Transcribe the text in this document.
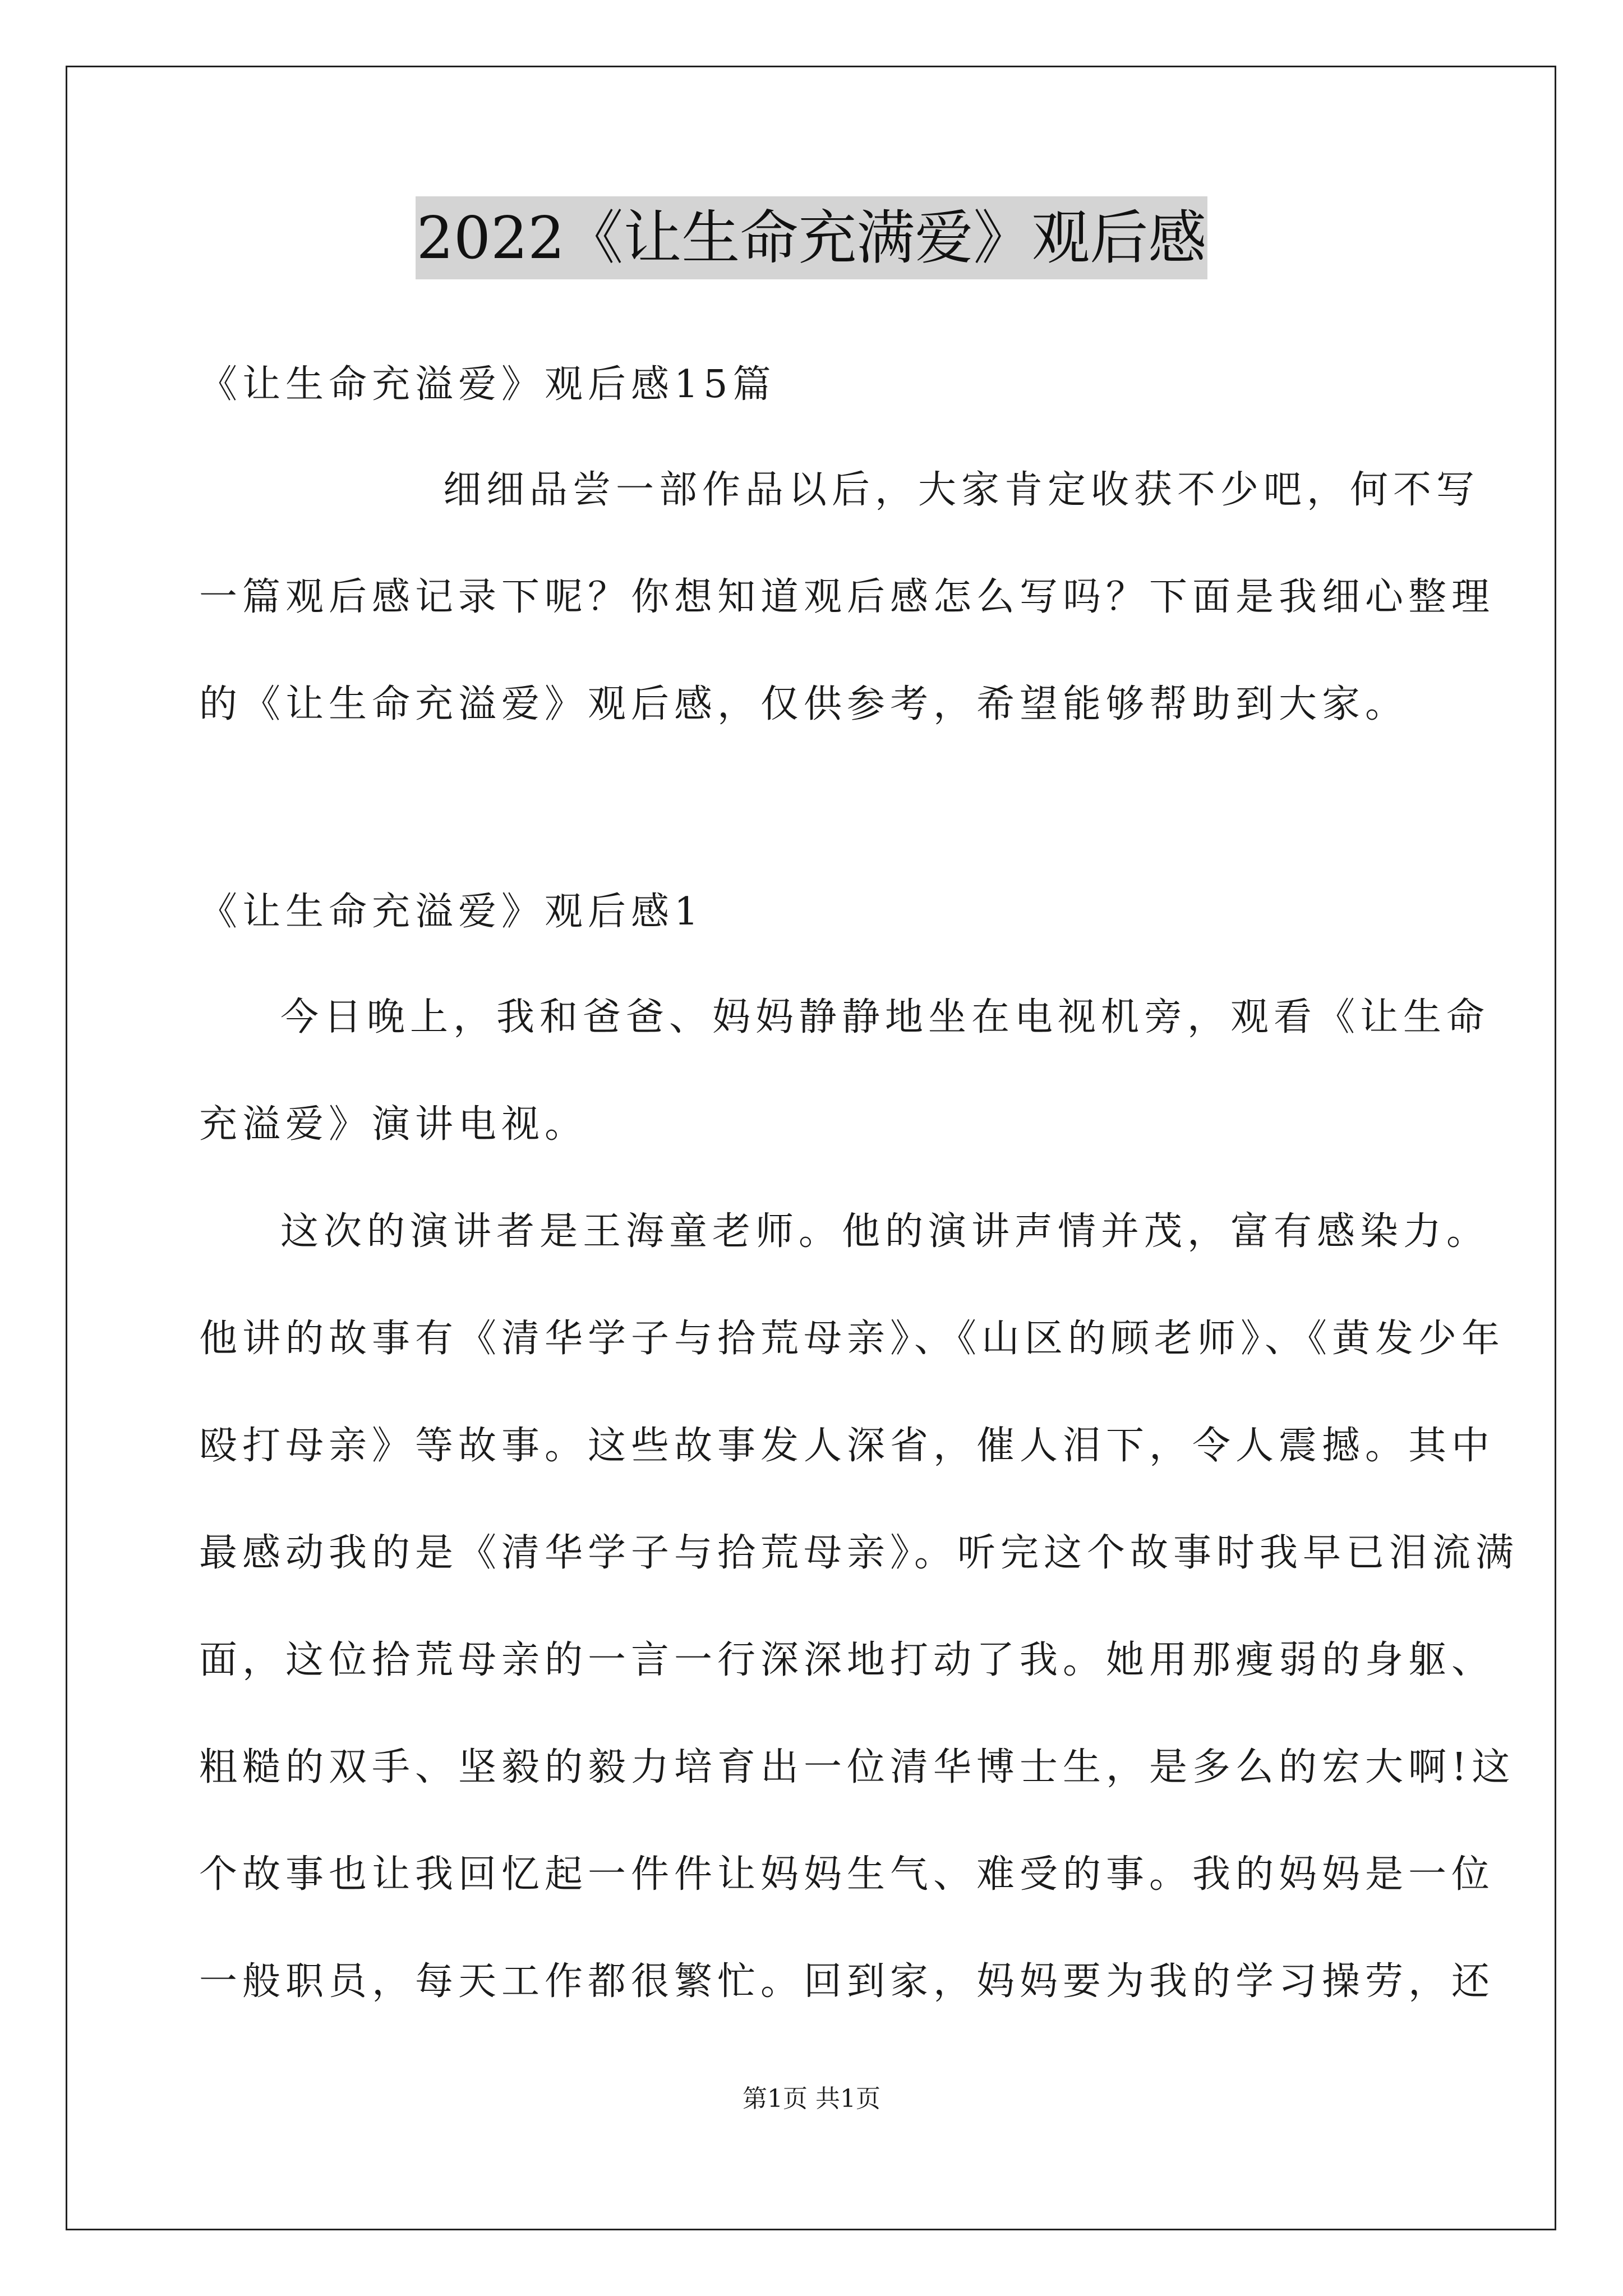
2022《让生命充满爱》观后感
《让生命充溢爱》观后感15篇
细细品尝一部作品以后，大家肯定收获不少吧，何不写
一篇观后感记录下呢？你想知道观后感怎么写吗？下面是我细心整理
的《让生命充溢爱》观后感，仅供参考，希望能够帮助到大家。
《让生命充溢爱》观后感1
今日晚上，我和爸爸、妈妈静静地坐在电视机旁，观看《让生命
充溢爱》演讲电视。
这次的演讲者是王海童老师。他的演讲声情并茂，富有感染力。
他讲的故事有《清华学子与拾荒母亲》、《山区的顾老师》、《黄发少年
殴打母亲》等故事。这些故事发人深省，催人泪下，令人震撼。其中
最感动我的是《清华学子与拾荒母亲》。听完这个故事时我早已泪流满
面，这位拾荒母亲的一言一行深深地打动了我。她用那瘦弱的身躯、
粗糙的双手、坚毅的毅力培育出一位清华博士生，是多么的宏大啊!这
个故事也让我回忆起一件件让妈妈生气、难受的事。我的妈妈是一位
一般职员，每天工作都很繁忙。回到家，妈妈要为我的学习操劳，还
第1页 共1页
